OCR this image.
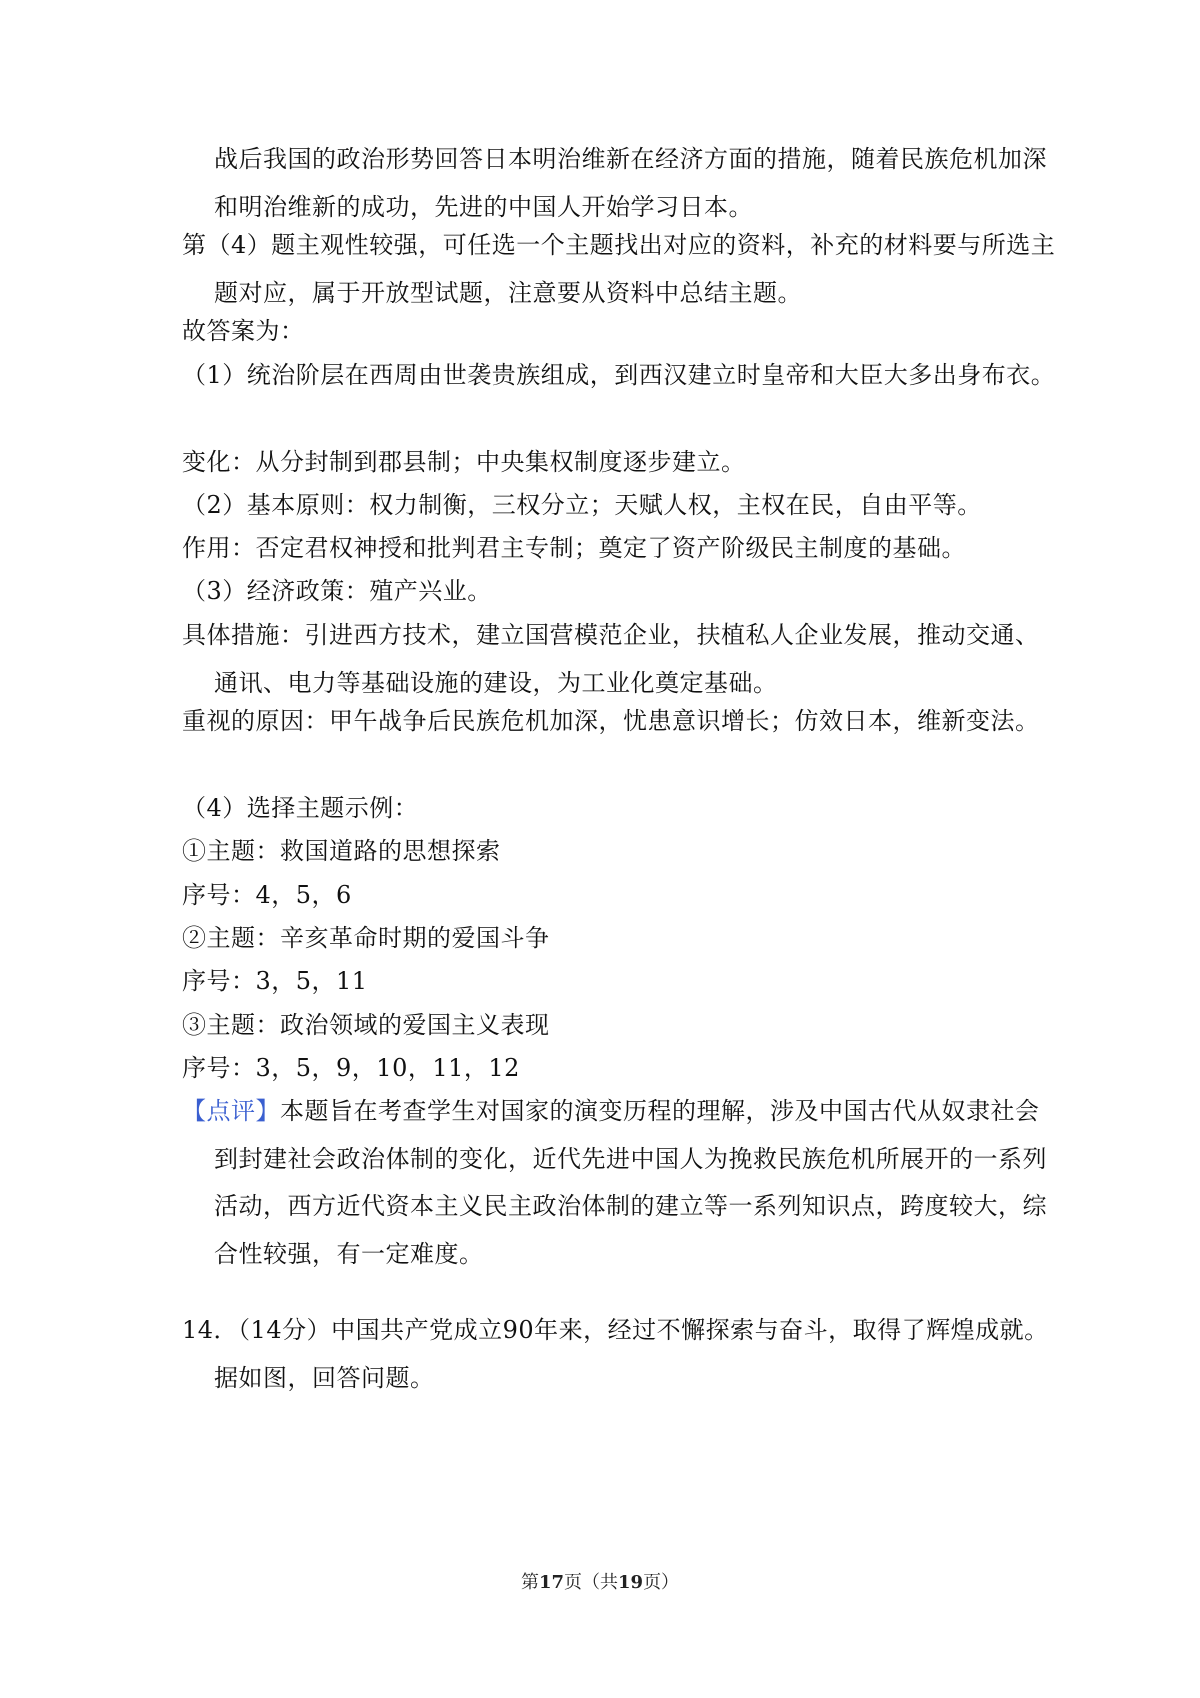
战后我国的政治形势回答日本明治维新在经济方面的措施，随着民族危机加深和明治维新的成功，先进的中国人开始学习日本。

第（4）题主观性较强，可任选一个主题找出对应的资料，补充的材料要与所选主题对应，属于开放型试题，注意要从资料中总结主题。

故答案为：

（1）统治阶层在西周由世袭贵族组成，到西汉建立时皇帝和大臣大多出身布衣。

变化：从分封制到郡县制；中央集权制度逐步建立。

（2）基本原则：权力制衡，三权分立；天赋人权，主权在民，自由平等。

作用：否定君权神授和批判君主专制；奠定了资产阶级民主制度的基础。

（3）经济政策：殖产兴业。

具体措施：引进西方技术，建立国营模范企业，扶植私人企业发展，推动交通、通讯、电力等基础设施的建设，为工业化奠定基础。

重视的原因：甲午战争后民族危机加深，忧患意识增长；仿效日本，维新变法。

（4）选择主题示例：

①主题：救国道路的思想探索

序号：4，5，6

②主题：辛亥革命时期的爱国斗争

序号：3，5，11

③主题：政治领域的爱国主义表现

序号：3，5，9，10，11，12

【点评】本题旨在考查学生对国家的演变历程的理解，涉及中国古代从奴隶社会到封建社会政治体制的变化，近代先进中国人为挽救民族危机所展开的一系列活动，西方近代资本主义民主政治体制的建立等一系列知识点，跨度较大，综合性较强，有一定难度。

14．（14分）中国共产党成立90年来，经过不懈探索与奋斗，取得了辉煌成就。据如图，回答问题。

第17页（共19页）
